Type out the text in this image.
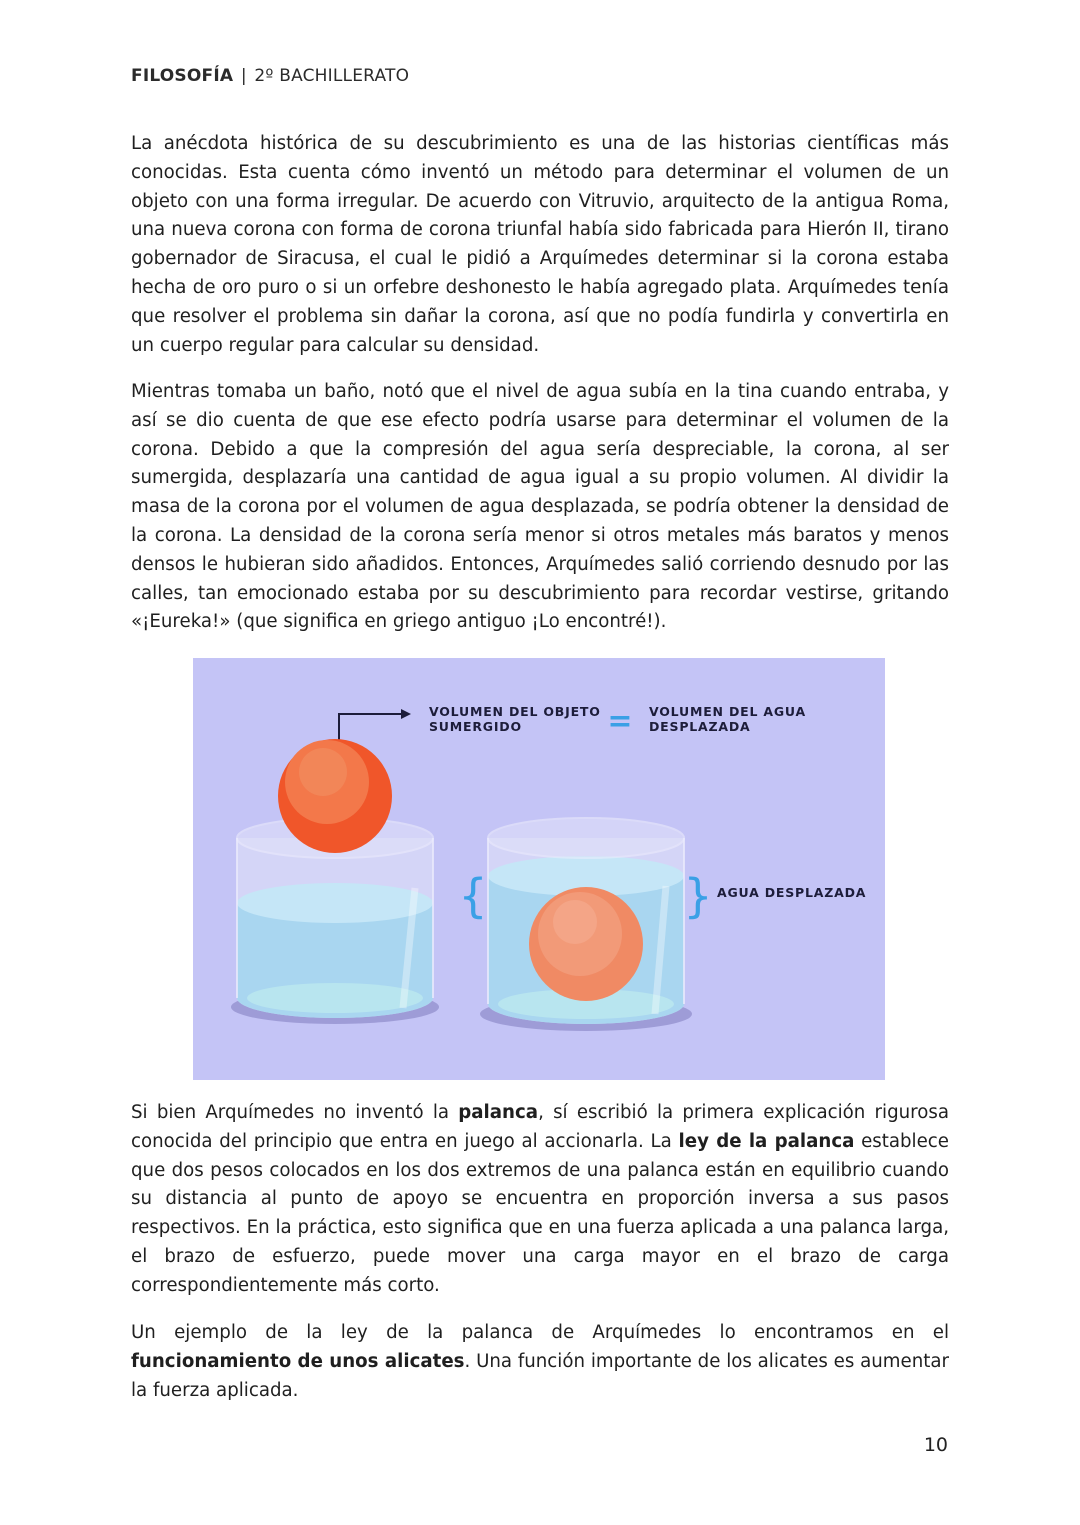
FILOSOFÍA | 2º BACHILLERATO

La anécdota histórica de su descubrimiento es una de las historias científicas más conocidas. Esta cuenta cómo inventó un método para determinar el volumen de un objeto con una forma irregular. De acuerdo con Vitruvio, arquitecto de la antigua Roma, una nueva corona con forma de corona triunfal había sido fabricada para Hierón II, tirano gobernador de Siracusa, el cual le pidió a Arquímedes determinar si la corona estaba hecha de oro puro o si un orfebre deshonesto le había agregado plata. Arquímedes tenía que resolver el problema sin dañar la corona, así que no podía fundirla y convertirla en un cuerpo regular para calcular su densidad.

Mientras tomaba un baño, notó que el nivel de agua subía en la tina cuando entraba, y así se dio cuenta de que ese efecto podría usarse para determinar el volumen de la corona. Debido a que la compresión del agua sería despreciable, la corona, al ser sumergida, desplazaría una cantidad de agua igual a su propio volumen. Al dividir la masa de la corona por el volumen de agua desplazada, se podría obtener la densidad de la corona. La densidad de la corona sería menor si otros metales más baratos y menos densos le hubieran sido añadidos. Entonces, Arquímedes salió corriendo desnudo por las calles, tan emocionado estaba por su descubrimiento para recordar vestirse, gritando «¡Eureka!» (que significa en griego antiguo ¡Lo encontré!).

VOLUMEN DEL OBJETO
SUMERGIDO	= VOLUMEN DEL AGUA
DESPLAZADA
{	} AGUA DESPLAZADA

Si bien Arquímedes no inventó la palanca, sí escribió la primera explicación rigurosa conocida del principio que entra en juego al accionarla. La ley de la palanca establece que dos pesos colocados en los dos extremos de una palanca están en equilibrio cuando su distancia al punto de apoyo se encuentra en proporción inversa a sus pasos respectivos. En la práctica, esto significa que en una fuerza aplicada a una palanca larga, el brazo de esfuerzo, puede mover una carga mayor en el brazo de carga correspondientemente más corto.

Un ejemplo de la ley de la palanca de Arquímedes lo encontramos en el funcionamiento de unos alicates. Una función importante de los alicates es aumentar la fuerza aplicada.

10
